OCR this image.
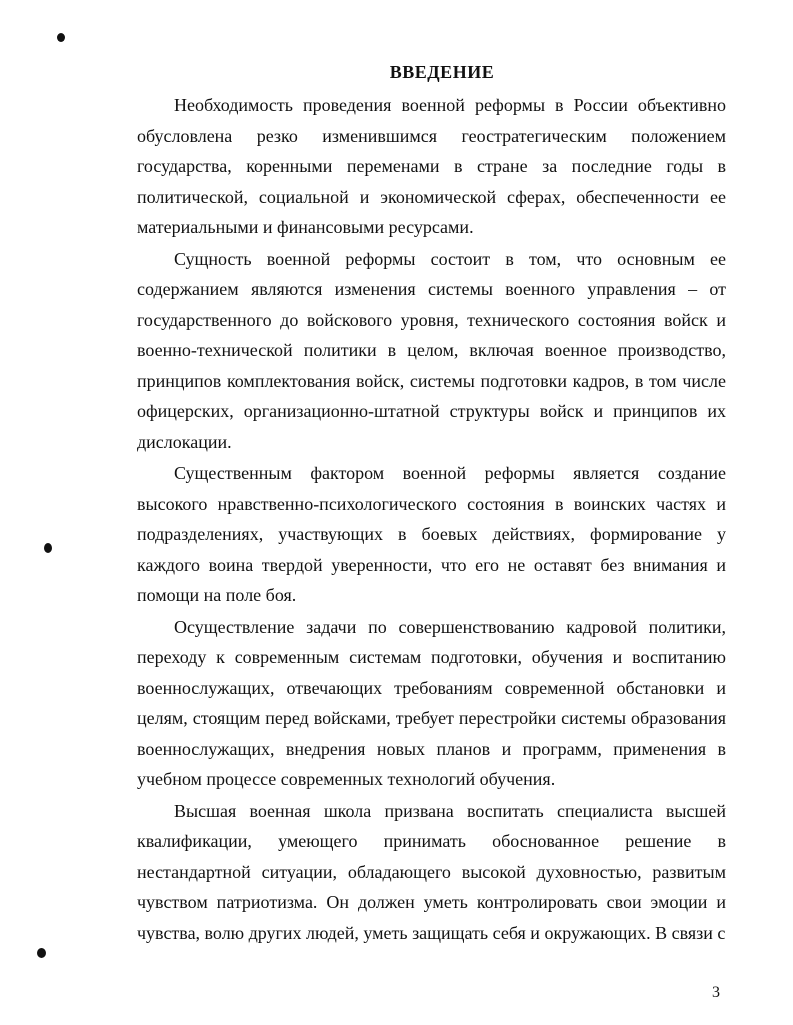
ВВЕДЕНИЕ

Необходимость проведения военной реформы в России объективно обусловлена резко изменившимся геостратегическим положением государства, коренными переменами в стране за последние годы в политической, социальной и экономической сферах, обеспеченности ее материальными и финансовыми ресурсами.

Сущность военной реформы состоит в том, что основным ее содержанием являются изменения системы военного управления – от государственного до войскового уровня, технического состояния войск и военно-технической политики в целом, включая военное производство, принципов комплектования войск, системы подготовки кадров, в том числе офицерских, организационно-штатной структуры войск и принципов их дислокации.

Существенным фактором военной реформы является создание высокого нравственно-психологического состояния в воинских частях и подразделениях, участвующих в боевых действиях, формирование у каждого воина твердой уверенности, что его не оставят без внимания и помощи на поле боя.

Осуществление задачи по совершенствованию кадровой политики, переходу к современным системам подготовки, обучения и воспитанию военнослужащих, отвечающих требованиям современной обстановки и целям, стоящим перед войсками, требует перестройки системы образования военнослужащих, внедрения новых планов и программ, применения в учебном процессе современных технологий обучения.

Высшая военная школа призвана воспитать специалиста высшей квалификации, умеющего принимать обоснованное решение в нестандартной ситуации, обладающего высокой духовностью, развитым чувством патриотизма. Он должен уметь контролировать свои эмоции и чувства, волю других людей, уметь защищать себя и окружающих. В связи с

3
